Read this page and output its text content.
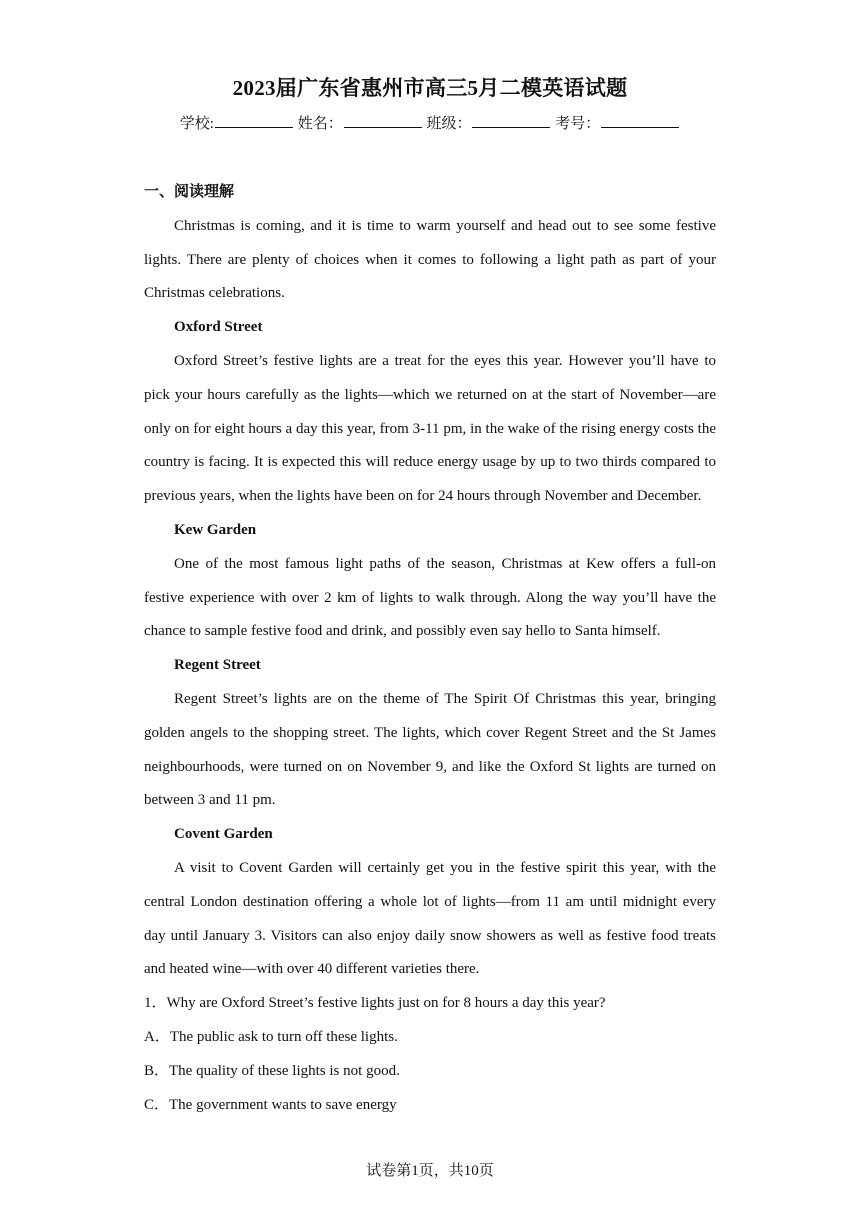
2023届广东省惠州市高三5月二模英语试题
学校:	姓名：	班级：	考号：
一、阅读理解

Christmas is coming, and it is time to warm yourself and head out to see some festive lights. There are plenty of choices when it comes to following a light path as part of your Christmas celebrations.

Oxford Street

Oxford Street’s festive lights are a treat for the eyes this year. However you’ll have to pick your hours carefully as the lights—which we returned on at the start of November—are only on for eight hours a day this year, from 3-11 pm, in the wake of the rising energy costs the country is facing. It is expected this will reduce energy usage by up to two thirds compared to previous years, when the lights have been on for 24 hours through November and December.

Kew Garden

One of the most famous light paths of the season, Christmas at Kew offers a full-on festive experience with over 2 km of lights to walk through. Along the way you’ll have the chance to sample festive food and drink, and possibly even say hello to Santa himself.

Regent Street

Regent Street’s lights are on the theme of The Spirit Of Christmas this year, bringing golden angels to the shopping street. The lights, which cover Regent Street and the St James neighbourhoods, were turned on on November 9, and like the Oxford St lights are turned on between 3 and 11 pm.

Covent Garden

A visit to Covent Garden will certainly get you in the festive spirit this year, with the central London destination offering a whole lot of lights—from 11 am until midnight every day until January 3. Visitors can also enjoy daily snow showers as well as festive food treats and heated wine—with over 40 different varieties there.

1．Why are Oxford Street’s festive lights just on for 8 hours a day this year?
A．The public ask to turn off these lights.
B．The quality of these lights is not good.
C．The government wants to save energy
试卷第1页，共10页
